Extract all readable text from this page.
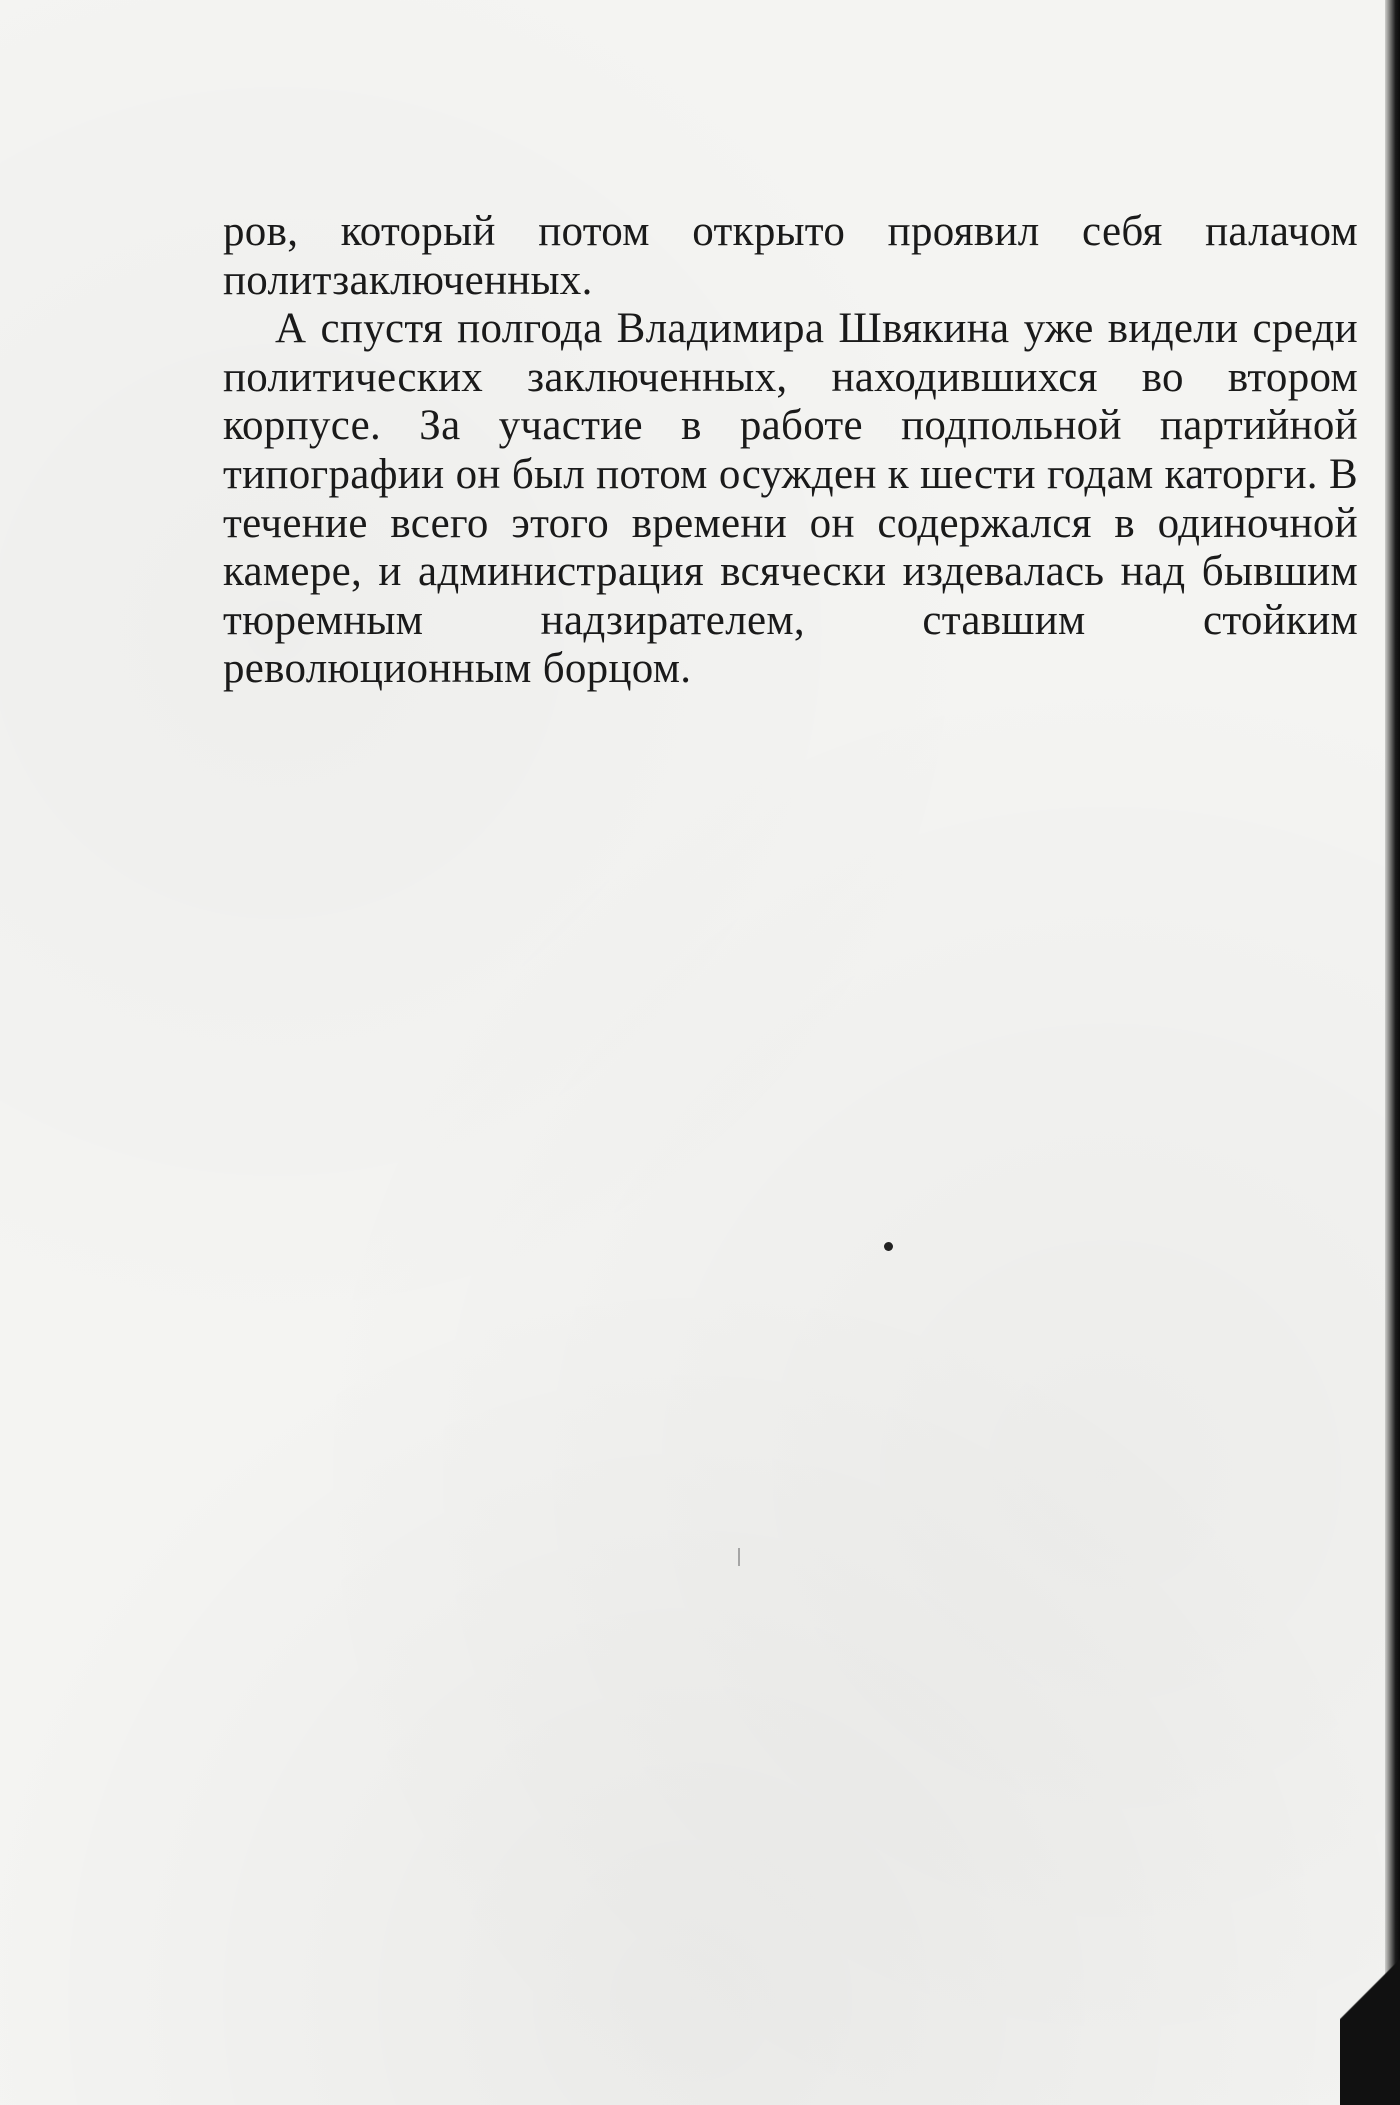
ров, который потом открыто проявил себя палачом политзаключенных.

А спустя полгода Владимира Швякина уже видели среди политических заключенных, находившихся во втором корпусе. За участие в работе подпольной партийной типографии он был потом осужден к шести годам каторги. В течение всего этого времени он содержался в одиночной камере, и администрация всячески издевалась над бывшим тюремным надзирателем, ставшим стойким революционным борцом.
